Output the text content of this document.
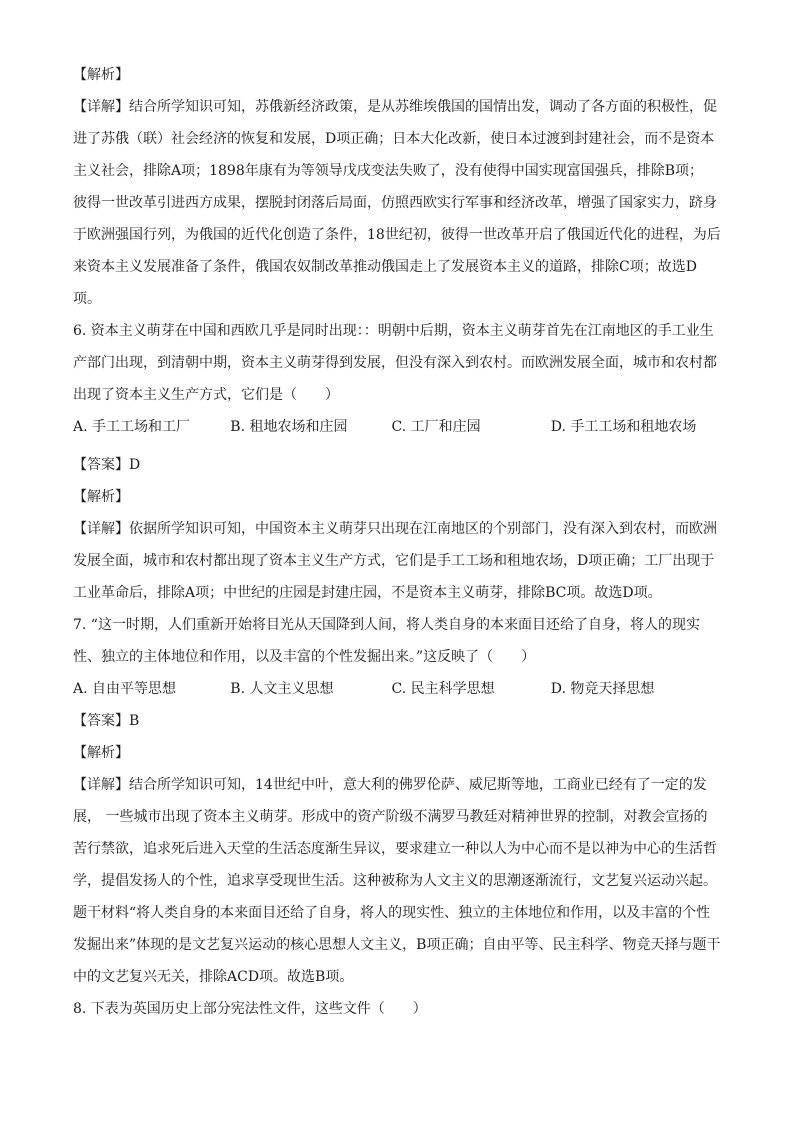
【解析】
【详解】结合所学知识可知，苏俄新经济政策，是从苏维埃俄国的国情出发，调动了各方面的积极性，促
进了苏俄（联）社会经济的恢复和发展，D项正确；日本大化改新，使日本过渡到封建社会，而不是资本
主义社会，排除A项；1898年康有为等领导戊戌变法失败了，没有使得中国实现富国强兵，排除B项；
彼得一世改革引进西方成果，摆脱封闭落后局面，仿照西欧实行军事和经济改革，增强了国家实力，跻身
于欧洲强国行列，为俄国的近代化创造了条件，18世纪初，彼得一世改革开启了俄国近代化的进程，为后
来资本主义发展准备了条件，俄国农奴制改革推动俄国走上了发展资本主义的道路，排除C项；故选D
项。
6. 资本主义萌芽在中国和西欧几乎是同时出现：：明朝中后期，资本主义萌芽首先在江南地区的手工业生
产部门出现，到清朝中期，资本主义萌芽得到发展，但没有深入到农村。而欧洲发展全面，城市和农村都
出现了资本主义生产方式，它们是（　　）
A. 手工工场和工厂	B. 租地农场和庄园	C. 工厂和庄园	D. 手工工场和租地农场
【答案】D
【解析】
【详解】依据所学知识可知，中国资本主义萌芽只出现在江南地区的个别部门，没有深入到农村，而欧洲
发展全面，城市和农村都出现了资本主义生产方式，它们是手工工场和租地农场，D项正确；工厂出现于
工业革命后，排除A项；中世纪的庄园是封建庄园，不是资本主义萌芽，排除BC项。故选D项。
7. “这一时期，人们重新开始将目光从天国降到人间，将人类自身的本来面目还给了自身，将人的现实
性、独立的主体地位和作用，以及丰富的个性发掘出来。”这反映了（　　）
A. 自由平等思想	B. 人文主义思想	C. 民主科学思想	D. 物竞天择思想
【答案】B
【解析】
【详解】结合所学知识可知，14世纪中叶，意大利的佛罗伦萨、威尼斯等地，工商业已经有了一定的发
展， 一些城市出现了资本主义萌芽。形成中的资产阶级不满罗马教廷对精神世界的控制，对教会宣扬的
苦行禁欲，追求死后进入天堂的生活态度渐生异议，要求建立一种以人为中心而不是以神为中心的生活哲
学，提倡发扬人的个性，追求享受现世生活。这种被称为人文主义的思潮逐渐流行，文艺复兴运动兴起。
题干材料“将人类自身的本来面目还给了自身，将人的现实性、独立的主体地位和作用，以及丰富的个性
发掘出来”体现的是文艺复兴运动的核心思想人文主义，B项正确；自由平等、民主科学、物竞天择与题干
中的文艺复兴无关，排除ACD项。故选B项。
8. 下表为英国历史上部分宪法性文件，这些文件（　　）
